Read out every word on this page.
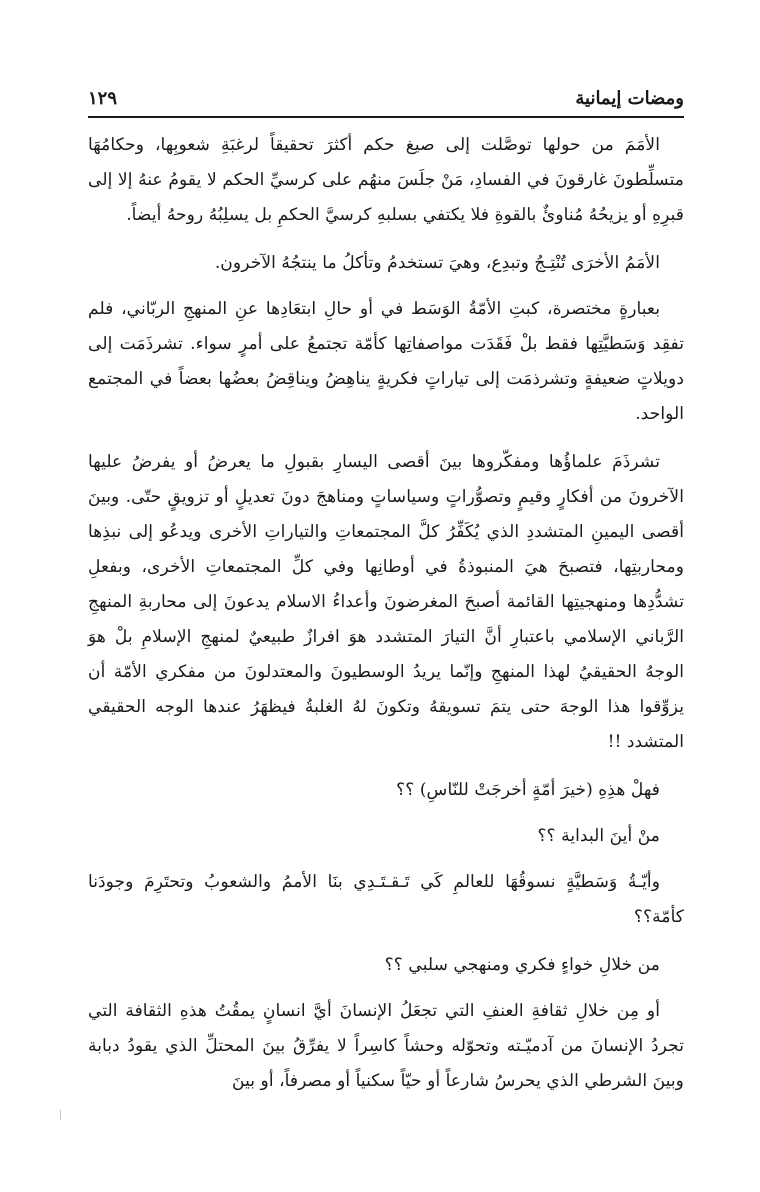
ومضات إيمانية
١٢٩

الأمَمَ من حولها توصَّلت إلى صيغ حكم أكثرَ تحقيقاً لرغبَةِ شعوبِها، وحكامُهَا متسلِّطونَ غارقونَ في الفسادِ، مَنْ جلَسَ منهُم على كرسيِّ الحكم لا يقومُ عنهُ إلا إلى قبرِهِ أو يزيحُهُ مُناوئٌ بالقوةِ فلا يكتفي بسلبهِ كرسيَّ الحكمِ بل يسلِبُهُ روحهُ أيضاً.

الأمَمُ الأخرَى تُنْتِـجُ وتبدِع، وهيَ تستخدمُ وتأكلُ ما ينتجُهُ الآخرون.

بعبارةٍ مختصرة، كبتِ الأمّةُ الوَسَط في أو حالِ ابتعَادِها عنِ المنهجِ الربّاني، فلم تفقِد وَسَطيَّتِها فقط بلْ فَقَدَت مواصفاتِها كأمّة تجتمعُ على أمرٍ سواء. تشرذَمَت إلى دويلاتٍ ضعيفةٍ وتشرذمَت إلى تياراتٍ فكريةٍ يناهِضُ ويناقِضُ بعضُها بعضاً في المجتمع الواحد.

تشرذَمَ علماؤُها ومفكّروها بينَ أقصى اليسارِ بقبولِ ما يعرضُ أو يفرضُ عليها الآخرونَ من أفكارٍ وقيمٍ وتصوُّراتٍ وسياساتٍ ومناهجَ دونَ تعديلٍ أو تزويقٍ حتّى. وبينَ أقصى اليمينِ المتشددِ الذي يُكَفِّرُ كلَّ المجتمعاتِ والتياراتِ الأخرى ويدعُو إلى نبذِها ومحاربتِها، فتصبحَ هيَ المنبوذةُ في أوطانِها وفي كلِّ المجتمعاتِ الأخرى، وبفعلِ تشدُّدِها ومنهجيتِها القائمة أصبحَ المغرضونَ وأعداءُ الاسلام يدعونَ إلى محاربةِ المنهجِ الرَّباني الإسلامي باعتبارِ أنَّ التيارَ المتشدد هوَ افرازٌ طبيعيٌ لمنهجِ الإسلامِ بلْ هوَ الوجهُ الحقيقيُ لهذا المنهجِ وإنّما يريدُ الوسطيونَ والمعتدلونَ من مفكري الأمّة أن يزوِّقوا هذا الوجهَ حتى يتمَ تسويقهُ وتكونَ لهُ الغلبةُ فيظهَرُ عندها الوجه الحقيقي المتشدد !!

فهلْ هذِهِ (خيرَ أمّةٍ أخرجَتْ للنّاسِ) ؟؟

منْ أينَ البداية ؟؟

وأيّـةُ وَسَطيَّةٍ نسوقُهَا للعالمِ كَي تَـقـتَـدِي بنَا الأممُ والشعوبُ وتحتَرِمَ وجودَنا كأمّة؟؟

من خلالِ خواءٍ فكري ومنهجي سلبي ؟؟

أو مِن خلالِ ثقافةِ العنفِ التي تجعَلُ الإنسانَ أيَّ انسانٍ يمقُتُ هذهِ الثقافة التي تجردُ الإنسانَ من آدميّـته وتحوّله وحشاً كاسِراً لا يفرِّقُ بينَ المحتلِّ الذي يقودُ دبابة وبينَ الشرطي الذي يحرسُ شارعاً أو حيّاً سكنياً أو مصرفاً، أو بينَ
